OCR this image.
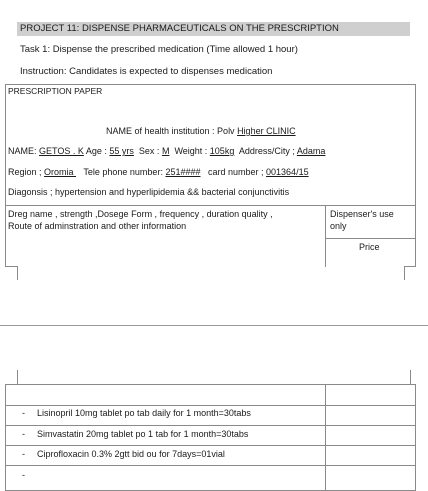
PROJECT 11: DISPENSE PHARMACEUTICALS ON THE PRESCRIPTION
Task 1: Dispense the prescribed medication (Time allowed 1 hour)
Instruction: Candidates is expected to dispenses medication
PRESCRIPTION PAPER
NAME of health institution : Polv Higher CLINIC
NAME: GETOS . K Age : 55 yrs  Sex : M  Weight : 105kg  Address/City ; Adama
Region ; Oromia    Tele phone number: 251####   card number ; 001364/15
Diagonsis ; hypertension and hyperlipidemia && bacterial conjunctivitis
Dreg name , strength ,Dosege Form , frequency , duration quality ,
Route of adminstration and other information
Dispenser's use
only
Price
- Lisinopril 10mg tablet po tab daily for 1 month=30tabs
- Simvastatin 20mg tablet po 1 tab for 1 month=30tabs
- Ciprofloxacin 0.3% 2gtt bid ou for 7days=01vial
-
